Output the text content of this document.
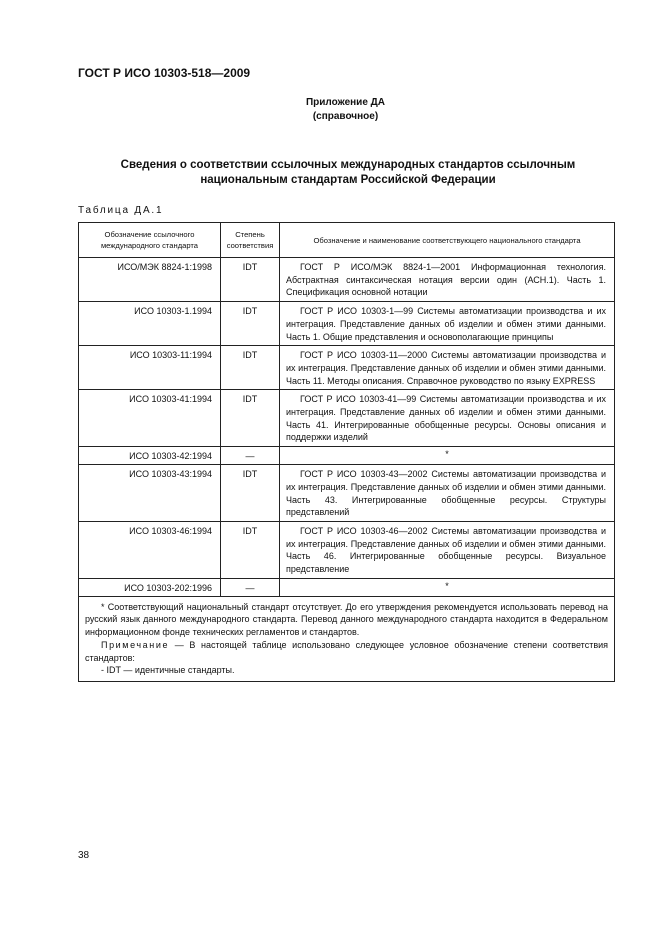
ГОСТ Р ИСО 10303-518—2009
Приложение ДА
(справочное)
Сведения о соответствии ссылочных международных стандартов ссылочным национальным стандартам Российской Федерации
Таблица ДА.1
Обозначение ссылочного международного стандарта	Степень соответствия	Обозначение и наименование соответствующего национального стандарта
ИСО/МЭК 8824-1:1998	IDT	ГОСТ Р ИСО/МЭК 8824-1—2001 Информационная технология. Абстрактная синтаксическая нотация версии один (АСН.1). Часть 1. Спецификация основной нотации
ИСО 10303-1.1994	IDT	ГОСТ Р ИСО 10303-1—99 Системы автоматизации производства и их интеграция. Представление данных об изделии и обмен этими данными. Часть 1. Общие представления и основополагающие принципы
ИСО 10303-11:1994	IDT	ГОСТ Р ИСО 10303-11—2000 Системы автоматизации производства и их интеграция. Представление данных об изделии и обмен этими данными. Часть 11. Методы описания. Справочное руководство по языку EXPRESS
ИСО 10303-41:1994	IDT	ГОСТ Р ИСО 10303-41—99 Системы автоматизации производства и их интеграция. Представление данных об изделии и обмен этими данными. Часть 41. Интегрированные обобщенные ресурсы. Основы описания и поддержки изделий
ИСО 10303-42:1994	—	*
ИСО 10303-43:1994	IDT	ГОСТ Р ИСО 10303-43—2002 Системы автоматизации производства и их интеграция. Представление данных об изделии и обмен этими данными. Часть 43. Интегрированные обобщенные ресурсы. Структуры представлений
ИСО 10303-46:1994	IDT	ГОСТ Р ИСО 10303-46—2002 Системы автоматизации производства и их интеграция. Представление данных об изделии и обмен этими данными. Часть 46. Интегрированные обобщенные ресурсы. Визуальное представление
ИСО 10303-202:1996	—	*

* Соответствующий национальный стандарт отсутствует. До его утверждения рекомендуется использовать перевод на русский язык данного международного стандарта. Перевод данного международного стандарта находится в Федеральном информационном фонде технических регламентов и стандартов.

Примечание — В настоящей таблице использовано следующее условное обозначение степени соответствия стандартов:

- IDT — идентичные стандарты.		

38
